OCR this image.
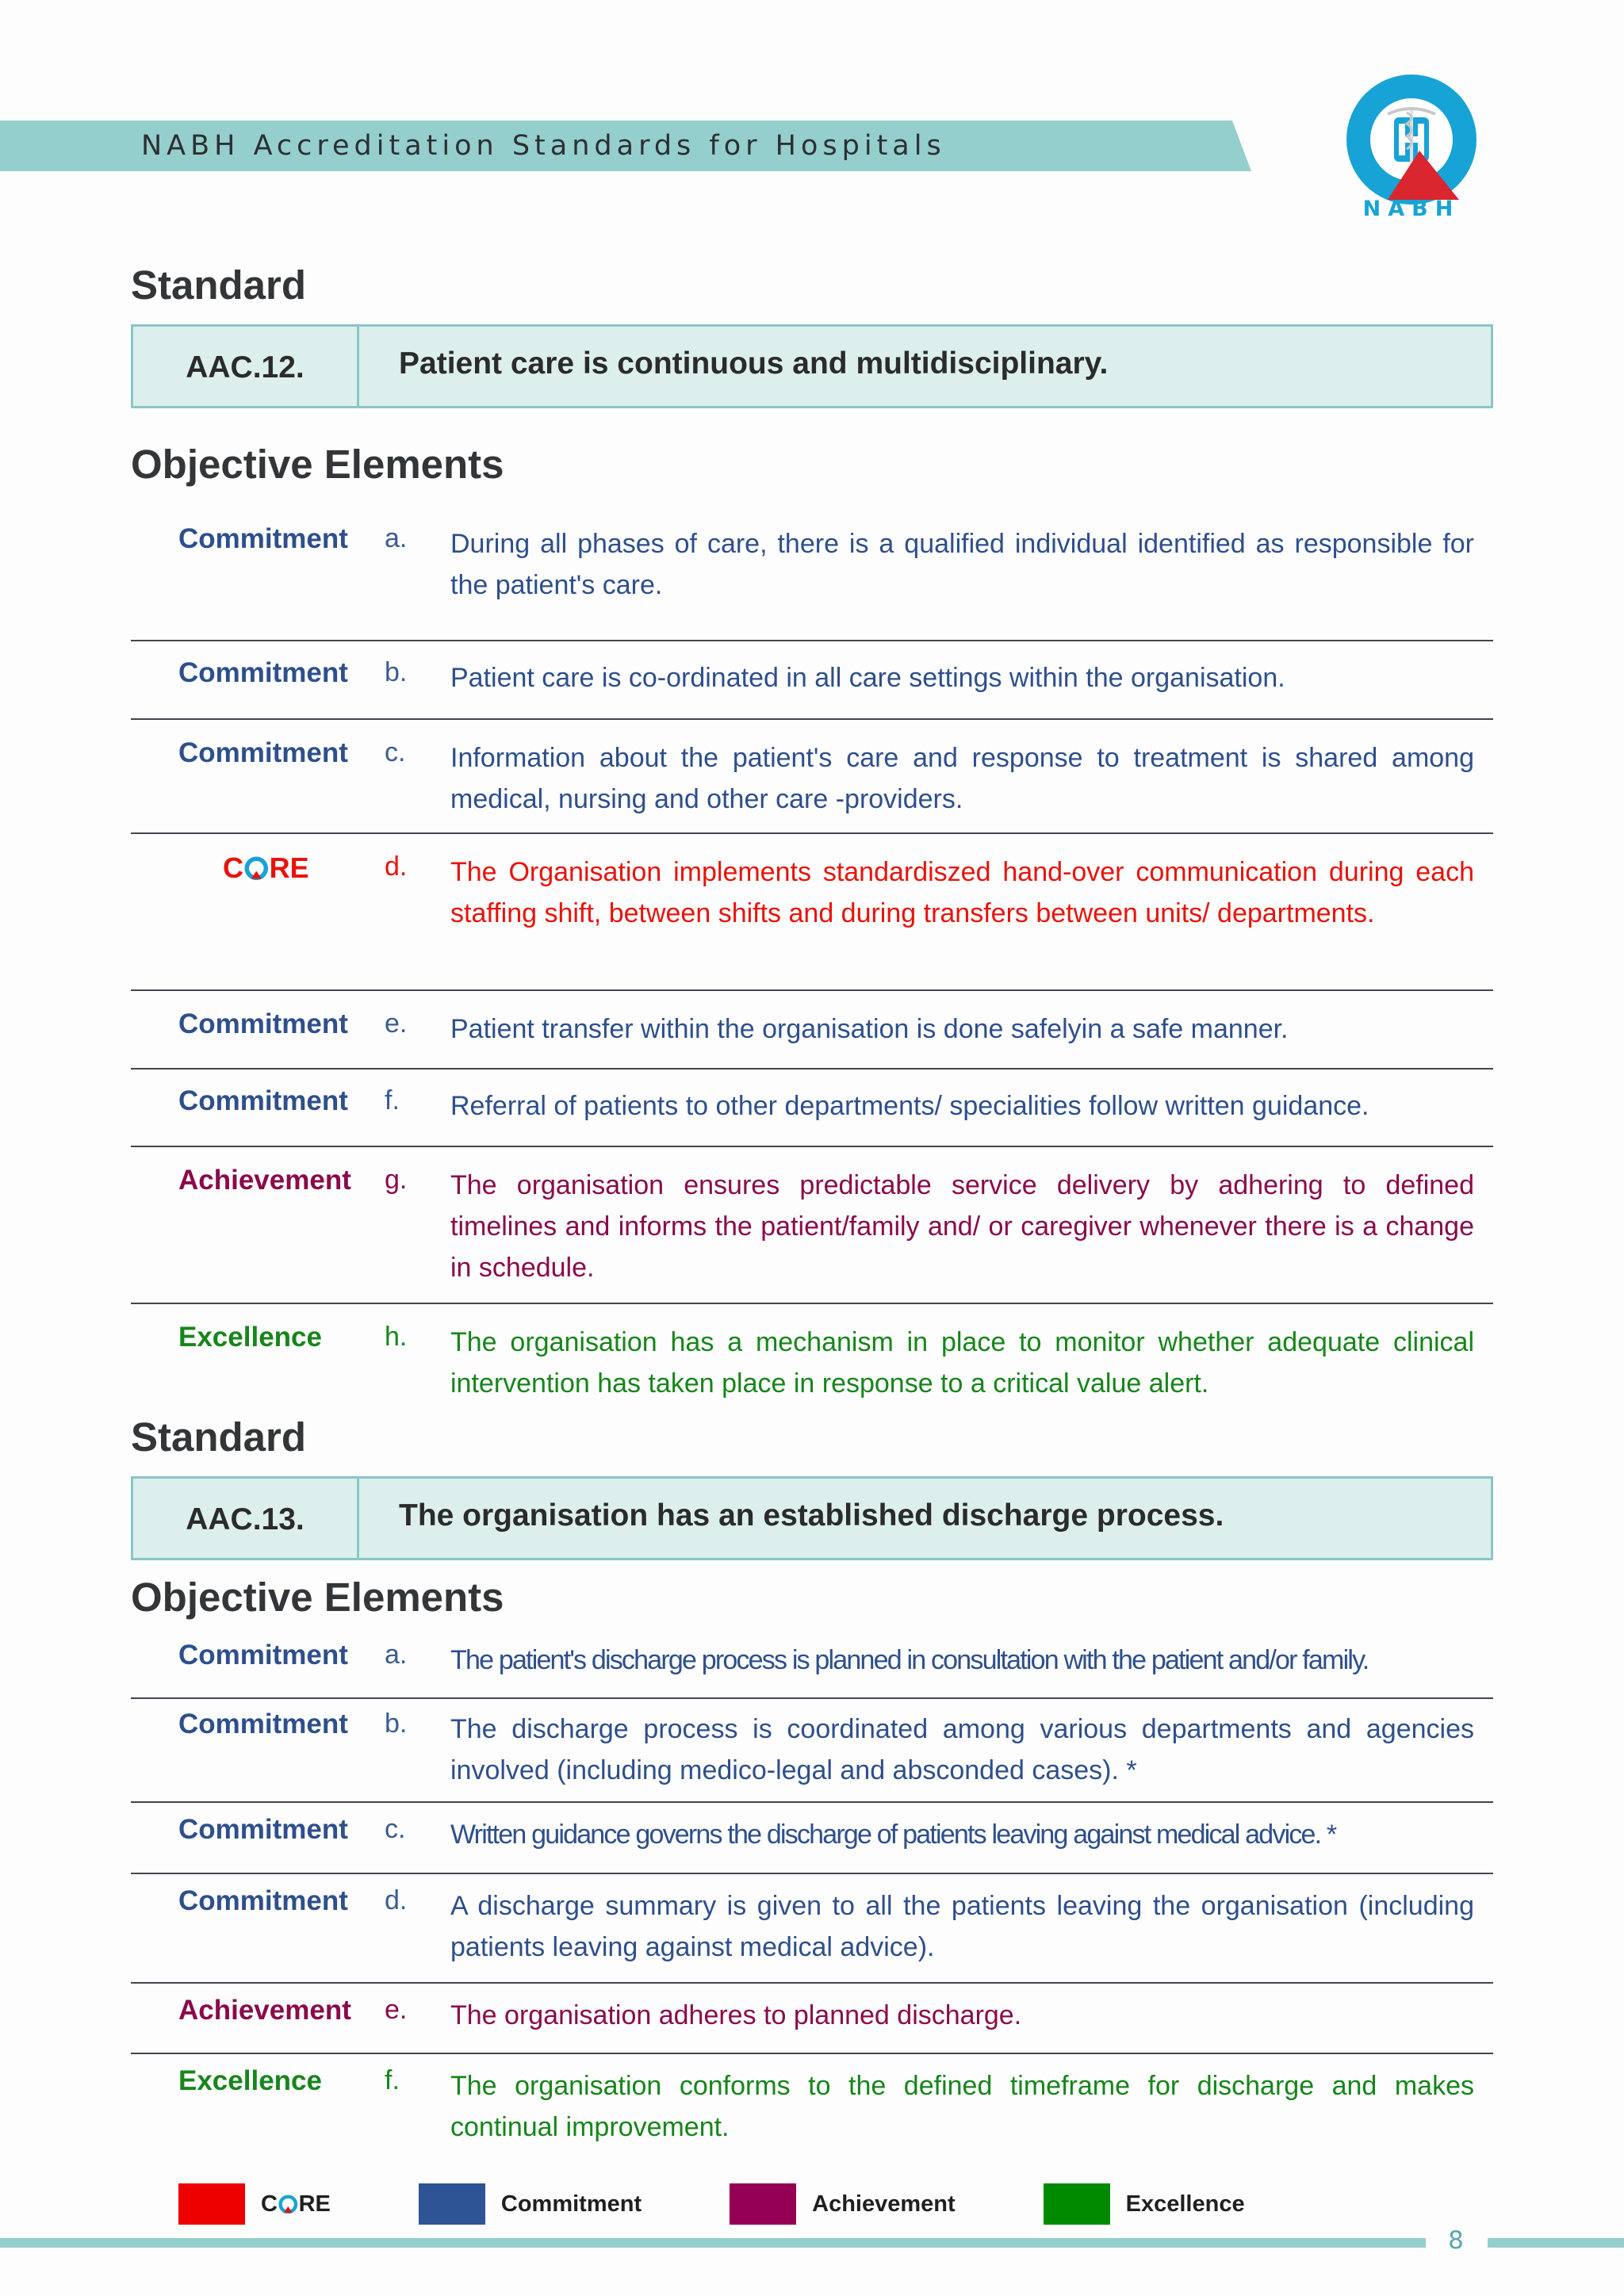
NABH Accreditation Standards for Hospitals
NABH
Standard
AAC.12.	Patient care is continuous and multidisciplinary.
Objective Elements
Commitment	a.	During all phases of care, there is a qualified individual identified as responsible for the patient's care.
Commitment	b.	Patient care is co-ordinated in all care settings within the organisation.
Commitment	c.	Information about the patient's care and response to treatment is shared among medical, nursing and other care -providers.
C RE	d.	The Organisation implements standardiszed hand-over communication during each staffing shift, between shifts and during transfers between units/ departments.
Commitment	e.	Patient transfer within the organisation is done safelyin a safe manner.
Commitment	f.	Referral of patients to other departments/ specialities follow written guidance.
Achievement	g.	The organisation ensures predictable service delivery by adhering to defined timelines and informs the patient/family and/ or caregiver whenever there is a change in schedule.
Excellence	h.	The organisation has a mechanism in place to monitor whether adequate clinical intervention has taken place in response to a critical value alert.
Standard
AAC.13.	The organisation has an established discharge process.
Objective Elements
Commitment	a.	The patient's discharge process is planned in consultation with the patient and/or family.
Commitment	b.	The discharge process is coordinated among various departments and agencies involved (including medico-legal and absconded cases). *
Commitment	c.	Written guidance governs the discharge of patients leaving against medical advice. *
Commitment	d.	A discharge summary is given to all the patients leaving the organisation (including patients leaving against medical advice).
Achievement	e.	The organisation adheres to planned discharge.
Excellence	f.	The organisation conforms to the defined timeframe for discharge and makes continual improvement.
C RE	Commitment	Achievement	Excellence
8
